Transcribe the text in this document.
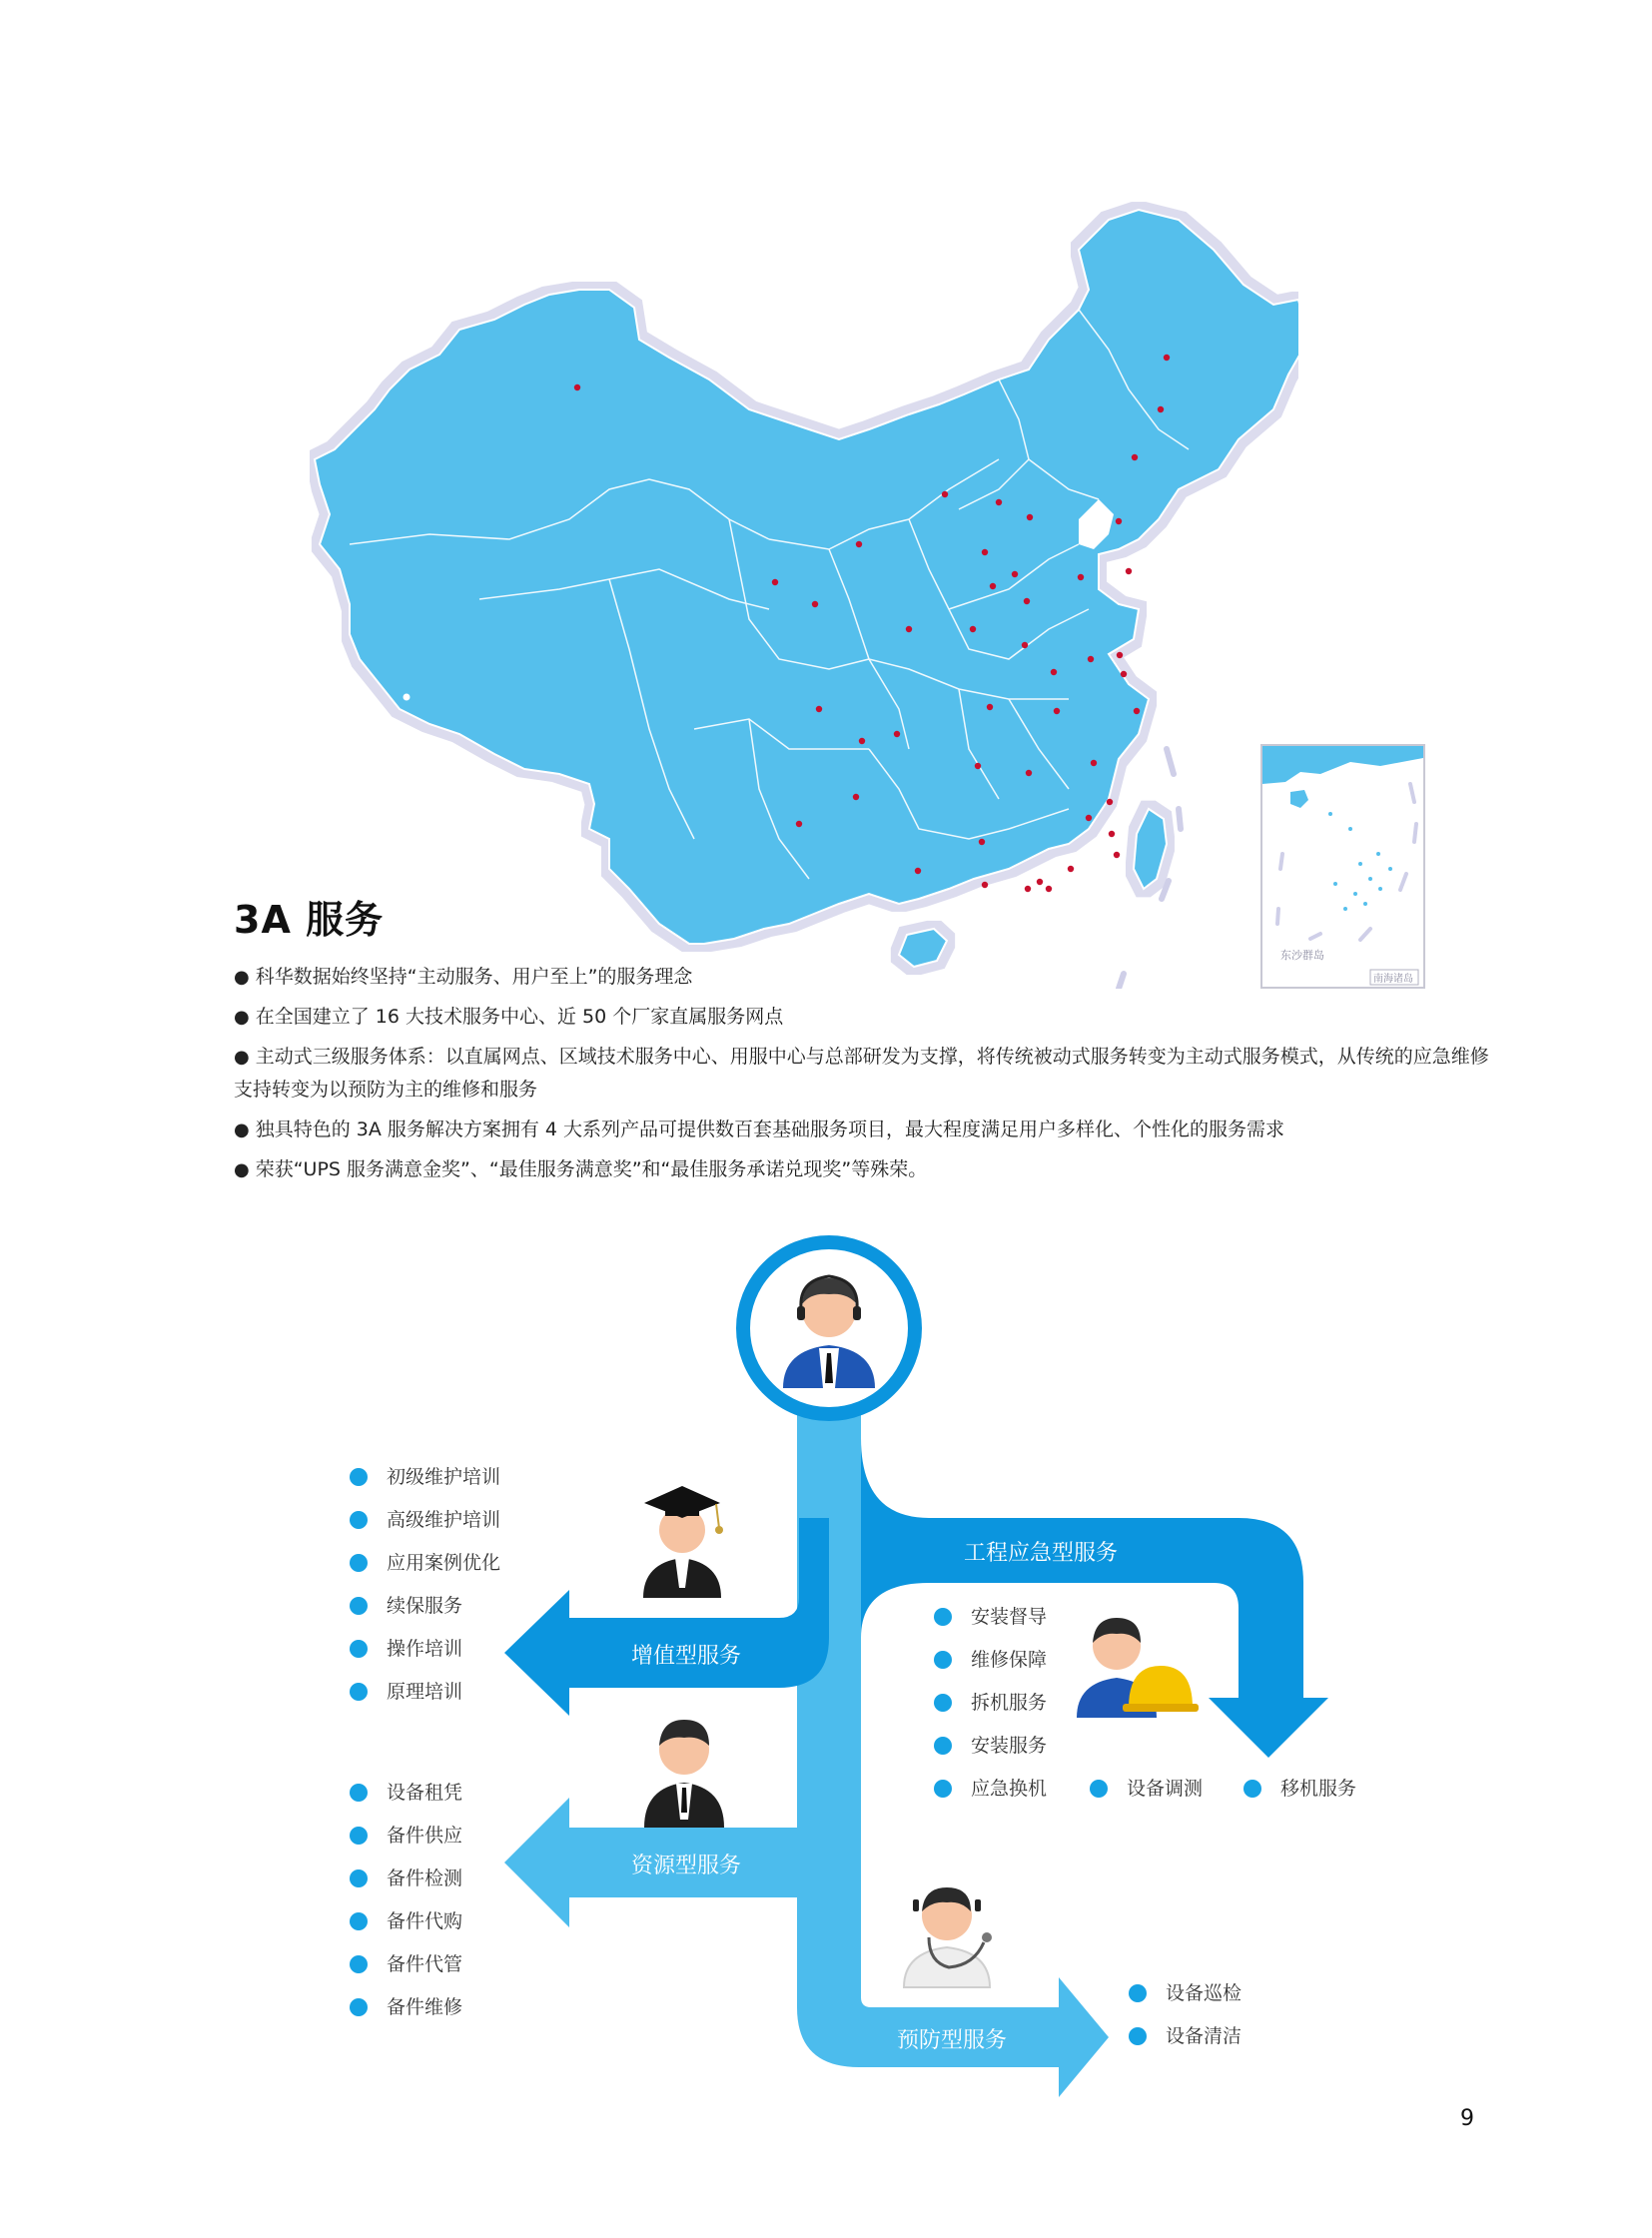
东沙群岛
南海诸岛
3A 服务
● 科华数据始终坚持“主动服务、用户至上”的服务理念
● 在全国建立了 16 大技术服务中心、近 50 个厂家直属服务网点
● 主动式三级服务体系：以直属网点、区域技术服务中心、用服中心与总部研发为支撑，将传统被动式服务转变为主动式服务模式，从传统的应急维修支持转变为以预防为主的维修和服务
● 独具特色的 3A 服务解决方案拥有 4 大系列产品可提供数百套基础服务项目，最大程度满足用户多样化、个性化的服务需求
● 荣获“UPS 服务满意金奖”、“最佳服务满意奖”和“最佳服务承诺兑现奖”等殊荣。
增值型服务
资源型服务
工程应急型服务
预防型服务
初级维护培训
高级维护培训
应用案例优化
续保服务
操作培训
原理培训
设备租凭
备件供应
备件检测
备件代购
备件代管
备件维修
安装督导
维修保障
拆机服务
安装服务
应急换机	设备调测	移机服务
设备巡检
设备清洁
9
